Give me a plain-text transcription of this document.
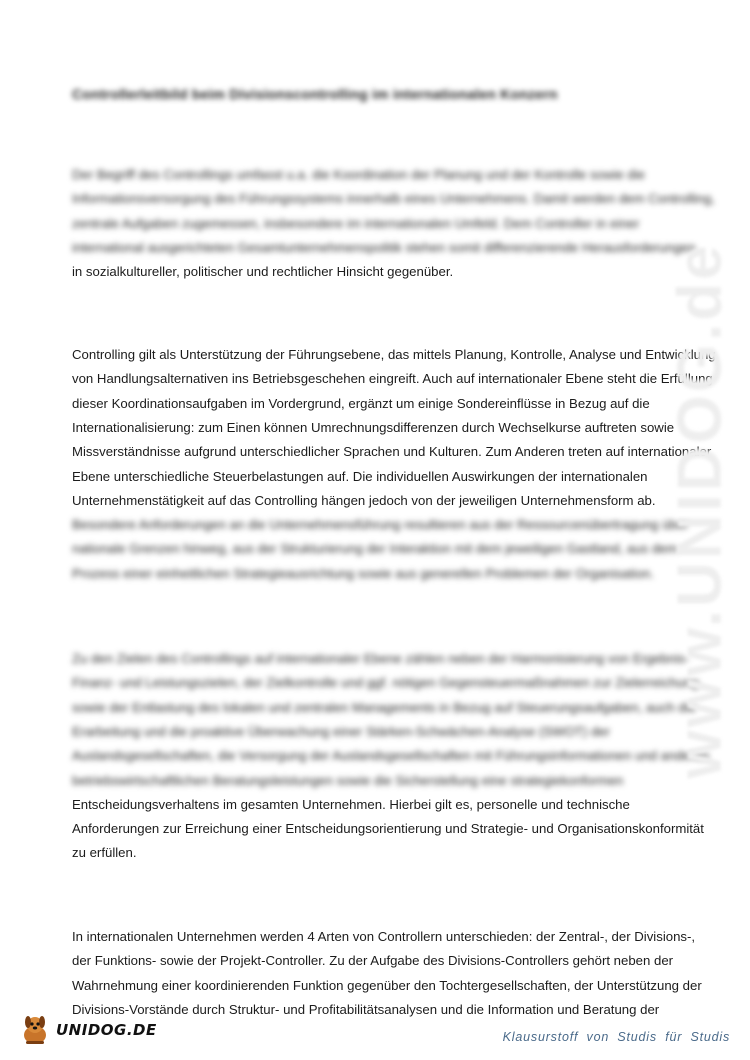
Controllerleitbild beim Divisionscontrolling im internationalen Konzern
Der Begriff des Controllings umfasst u.a. die Koordination der Planung und der Kontrolle sowie die
Informationsversorgung des Führungssystems innerhalb eines Unternehmens. Damit werden dem Controlling,
zentrale Aufgaben zugemessen, insbesondere im internationalen Umfeld. Dem Controller in einer
international ausgerichteten Gesamtunternehmenspolitik stehen somit differenzierende Herausforderungen
in sozialkultureller, politischer und rechtlicher Hinsicht gegenüber.
Controlling gilt als Unterstützung der Führungsebene, das mittels Planung, Kontrolle, Analyse und Entwicklung
von Handlungsalternativen ins Betriebsgeschehen eingreift. Auch auf internationaler Ebene steht die Erfüllung
dieser Koordinationsaufgaben im Vordergrund, ergänzt um einige Sondereinflüsse in Bezug auf die
Internationalisierung: zum Einen können Umrechnungsdifferenzen durch Wechselkurse auftreten sowie
Missverständnisse aufgrund unterschiedlicher Sprachen und Kulturen. Zum Anderen treten auf internationaler
Ebene unterschiedliche Steuerbelastungen auf. Die individuellen Auswirkungen der internationalen
Unternehmenstätigkeit auf das Controlling hängen jedoch von der jeweiligen Unternehmensform ab.
Besondere Anforderungen an die Unternehmensführung resultieren aus der Ressourcenübertragung über
nationale Grenzen hinweg, aus der Strukturierung der Interaktion mit dem jeweiligen Gastland, aus dem
Prozess einer einheitlichen Strategieausrichtung sowie aus generellen Problemen der Organisation.
Zu den Zielen des Controllings auf internationaler Ebene zählen neben der Harmonisierung von Ergebnis-
Finanz- und Leistungszielen, der Zielkontrolle und ggf. nötigen Gegensteuermaßnahmen zur Zielerreichung
sowie der Entlastung des lokalen und zentralen Managements in Bezug auf Steuerungsaufgaben, auch die
Erarbeitung und die proaktive Überwachung einer Stärken-Schwächen-Analyse (SWOT) der
Auslandsgesellschaften, die Versorgung der Auslandsgesellschaften mit Führungsinformationen und anderen
betriebswirtschaftlichen Beratungsleistungen sowie die Sicherstellung eine strategiekonformen
Entscheidungsverhaltens im gesamten Unternehmen. Hierbei gilt es, personelle und technische
Anforderungen zur Erreichung einer Entscheidungsorientierung und Strategie- und Organisationskonformität
zu erfüllen.
In internationalen Unternehmen werden 4 Arten von Controllern unterschieden: der Zentral-, der Divisions-,
der Funktions- sowie der Projekt-Controller. Zu der Aufgabe des Divisions-Controllers gehört neben der
Wahrnehmung einer koordinierenden Funktion gegenüber den Tochtergesellschaften, der Unterstützung der
Divisions-Vorstände durch Struktur- und Profitabilitätsanalysen und die Information und Beratung der
www.UNIDOG.de
UNIDOG.DE	Klausurstoff von Studis für Studis
